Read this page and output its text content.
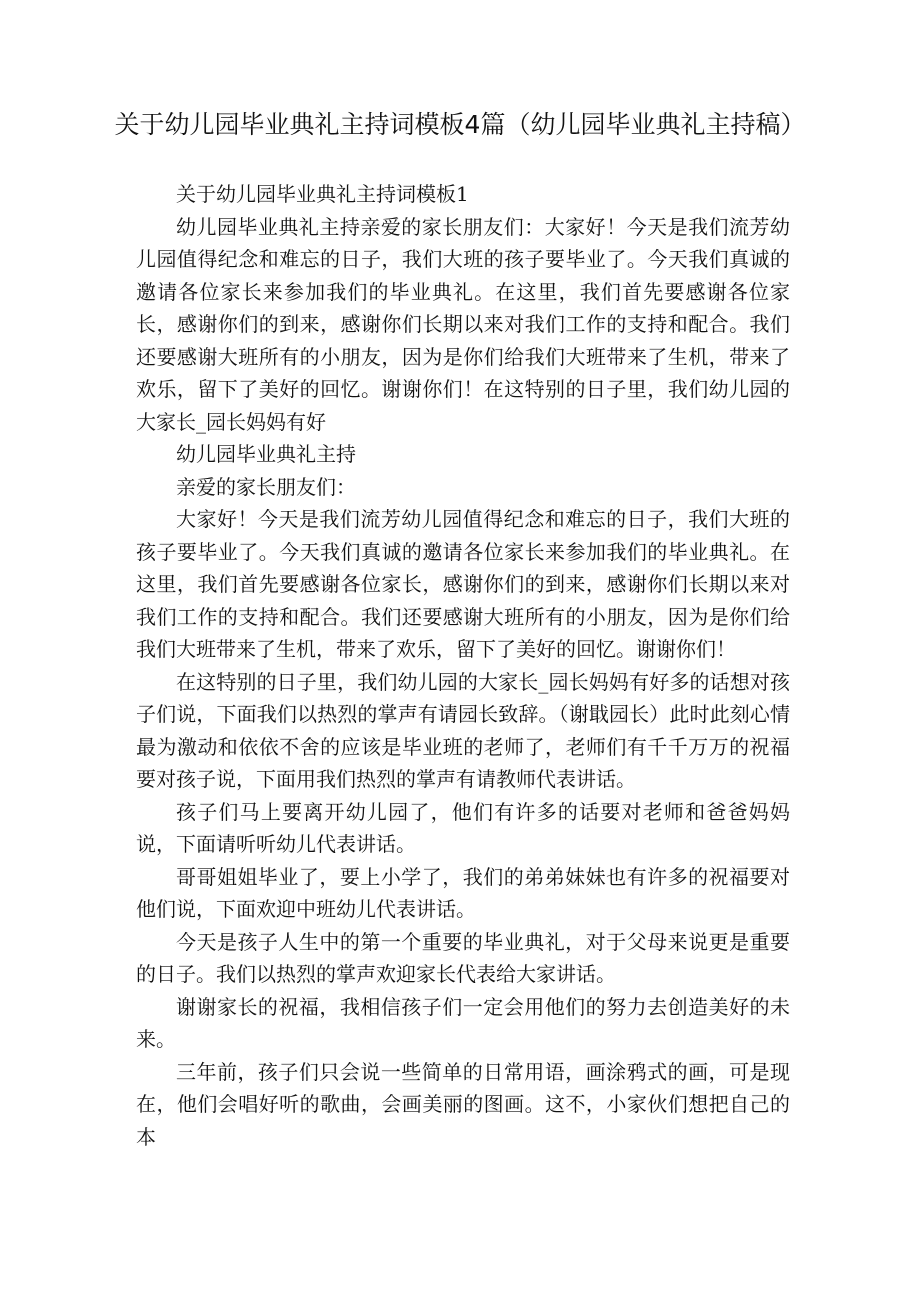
关于幼儿园毕业典礼主持词模板4篇（幼儿园毕业典礼主持稿）

关于幼儿园毕业典礼主持词模板1

幼儿园毕业典礼主持亲爱的家长朋友们：大家好！今天是我们流芳幼儿园值得纪念和难忘的日子，我们大班的孩子要毕业了。今天我们真诚的邀请各位家长来参加我们的毕业典礼。在这里，我们首先要感谢各位家长，感谢你们的到来，感谢你们长期以来对我们工作的支持和配合。我们还要感谢大班所有的小朋友，因为是你们给我们大班带来了生机，带来了欢乐，留下了美好的回忆。谢谢你们！在这特别的日子里，我们幼儿园的大家长_园长妈妈有好

幼儿园毕业典礼主持

亲爱的家长朋友们：

大家好！今天是我们流芳幼儿园值得纪念和难忘的日子，我们大班的孩子要毕业了。今天我们真诚的邀请各位家长来参加我们的毕业典礼。在这里，我们首先要感谢各位家长，感谢你们的到来，感谢你们长期以来对我们工作的支持和配合。我们还要感谢大班所有的小朋友，因为是你们给我们大班带来了生机，带来了欢乐，留下了美好的回忆。谢谢你们！

在这特别的日子里，我们幼儿园的大家长_园长妈妈有好多的话想对孩子们说，下面我们以热烈的掌声有请园长致辞。（谢戢园长）此时此刻心情最为激动和依依不舍的应该是毕业班的老师了，老师们有千千万万的祝福要对孩子说，下面用我们热烈的掌声有请教师代表讲话。

孩子们马上要离开幼儿园了，他们有许多的话要对老师和爸爸妈妈说，下面请听听幼儿代表讲话。

哥哥姐姐毕业了，要上小学了，我们的弟弟妹妹也有许多的祝福要对他们说，下面欢迎中班幼儿代表讲话。

今天是孩子人生中的第一个重要的毕业典礼，对于父母来说更是重要的日子。我们以热烈的掌声欢迎家长代表给大家讲话。

谢谢家长的祝福，我相信孩子们一定会用他们的努力去创造美好的未来。

三年前，孩子们只会说一些简单的日常用语，画涂鸦式的画，可是现在，他们会唱好听的歌曲，会画美丽的图画。这不，小家伙们想把自己的本
